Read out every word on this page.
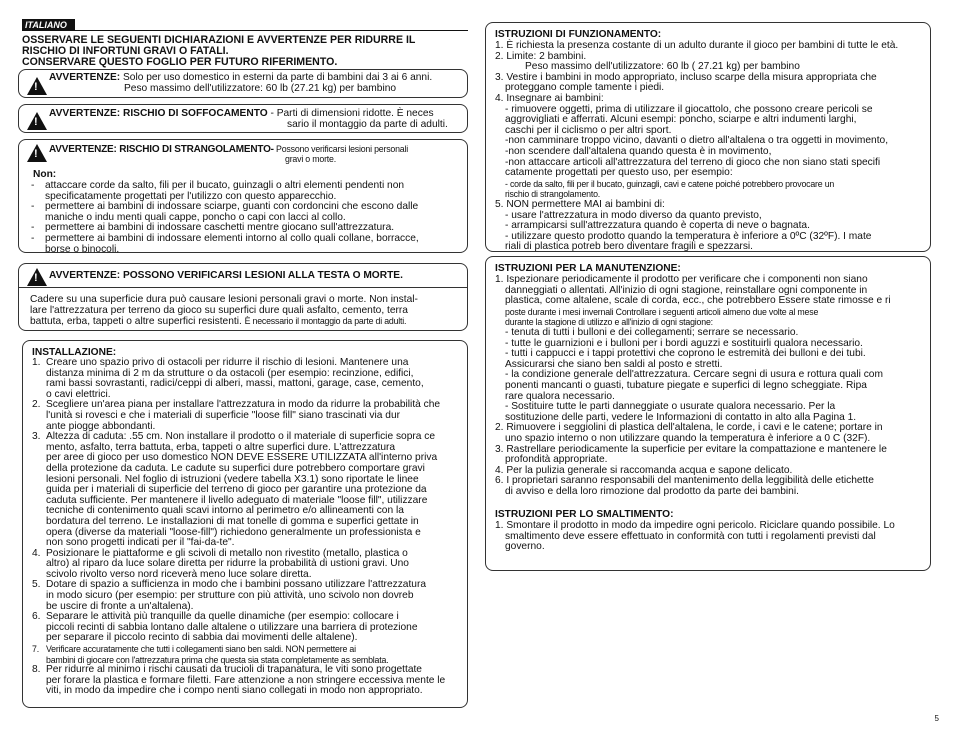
ITALIANO
OSSERVARE LE SEGUENTI DICHIARAZIONI E AVVERTENZE PER RIDURRE IL
RISCHIO DI INFORTUNI GRAVI O FATALI.
CONSERVARE QUESTO FOGLIO PER FUTURO RIFERIMENTO.
!
AVVERTENZE: Solo per uso domestico in esterni da parte di bambini dai 3 ai 6 anni.
Peso massimo dell'utilizzatore: 60 lb (27.21 kg) per bambino
!
AVVERTENZE: RISCHIO DI SOFFOCAMENTO - Parti di dimensioni ridotte. È neces
sario il montaggio da parte di adulti.
! AVVERTENZE: RISCHIO DI STRANGOLAMENTO- Possono verificarsi lesioni personali
gravi o morte.
Non:
- attaccare corde da salto, fili per il bucato, guinzagli o altri elementi pendenti non
specificatamente progettati per l'utilizzo con questo apparecchio.
- permettere ai bambini di indossare sciarpe, guanti con cordoncini che escono dalle
maniche o indu menti quali cappe, poncho o capi con lacci al collo.
- permettere ai bambini di indossare caschetti mentre giocano sull'attrezzatura.
- permettere ai bambini di indossare elementi intorno al collo quali collane, borracce,
borse o binocoli.
! AVVERTENZE: POSSONO VERIFICARSI LESIONI ALLA TESTA O MORTE.
Cadere su una superficie dura può causare lesioni personali gravi o morte. Non instal-
lare l'attrezzatura per terreno da gioco su superfici dure quali asfalto, cemento, terra
battuta, erba, tappeti o altre superfici resistenti. È necessario il montaggio da parte di adulti.
INSTALLAZIONE:
1. Creare uno spazio privo di ostacoli per ridurre il rischio di lesioni. Mantenere una
distanza minima di 2 m da strutture o da ostacoli (per esempio: recinzione, edifici,
rami bassi sovrastanti, radici/ceppi di alberi, massi, mattoni, garage, case, cemento,
o cavi elettrici.
2. Scegliere un'area piana per installare l'attrezzatura in modo da ridurre la probabilità che
l'unità si rovesci e che i materiali di superficie "loose fill" siano trascinati via dur
ante piogge abbondanti.
3. Altezza di caduta: .55 cm. Non installare il prodotto o il materiale di superficie sopra ce
mento, asfalto, terra battuta, erba, tappeti o altre superfici dure. L'attrezzatura
per aree di gioco per uso domestico NON DEVE ESSERE UTILIZZATA all'interno priva
della protezione da caduta. Le cadute su superfici dure potrebbero comportare gravi
lesioni personali. Nel foglio di istruzioni (vedere tabella X3.1) sono riportate le linee
guida per i materiali di superficie del terreno di gioco per garantire una protezione da
caduta sufficiente. Per mantenere il livello adeguato di materiale "loose fill", utilizzare
tecniche di contenimento quali scavi intorno al perimetro e/o allineamenti con la
bordatura del terreno. Le installazioni di mat tonelle di gomma e superfici gettate in
opera (diverse da materiali "loose-fill") richiedono generalmente un professionista e
non sono progetti indicati per il "fai-da-te".
4. Posizionare le piattaforme e gli scivoli di metallo non rivestito (metallo, plastica o
altro) al riparo da luce solare diretta per ridurre la probabilità di ustioni gravi. Uno
scivolo rivolto verso nord riceverà meno luce solare diretta.
5. Dotare di spazio a sufficienza in modo che i bambini possano utilizzare l'attrezzatura
in modo sicuro (per esempio: per strutture con più attività, uno scivolo non dovreb
be uscire di fronte a un'altalena).
6. Separare le attività più tranquille da quelle dinamiche (per esempio: collocare i
piccoli recinti di sabbia lontano dalle altalene o utilizzare una barriera di protezione
per separare il piccolo recinto di sabbia dai movimenti delle altalene).
7. Verificare accuratamente che tutti i collegamenti siano ben saldi. NON permettere ai
bambini di giocare con l'attrezzatura prima che questa sia stata completamente as semblata.
8. Per ridurre al minimo i rischi causati da trucioli di trapanatura, le viti sono progettate
per forare la plastica e formare filetti. Fare attenzione a non stringere eccessiva mente le
viti, in modo da impedire che i compo nenti siano collegati in modo non appropriato.
ISTRUZIONI DI FUNZIONAMENTO:
1. È richiesta la presenza costante di un adulto durante il gioco per bambini di tutte le età.
2. Limite: 2 bambini.
Peso massimo dell'utilizzatore: 60 lb ( 27.21 kg) per bambino
3. Vestire i bambini in modo appropriato, incluso scarpe della misura appropriata che
proteggano comple tamente i piedi.
4. Insegnare ai bambini:
- rimuovere oggetti, prima di utilizzare il giocattolo, che possono creare pericoli se
aggrovigliati e afferrati. Alcuni esempi: poncho, sciarpe e altri indumenti larghi,
caschi per il ciclismo o per altri sport.
-non camminare troppo vicino, davanti o dietro all'altalena o tra oggetti in movimento,
-non scendere dall'altalena quando questa è in movimento,
-non attaccare articoli all'attrezzatura del terreno di gioco che non siano stati specifi
catamente progettati per questo uso, per esempio:
- corde da salto, fili per il bucato, guinzagli, cavi e catene poiché potrebbero provocare un
rischio di strangolamento.
5. NON permettere MAI ai bambini di:
- usare l'attrezzatura in modo diverso da quanto previsto,
- arrampicarsi sull'attrezzatura quando è coperta di neve o bagnata.
- utilizzare questo prodotto quando la temperatura è inferiore a 0ºC (32ºF). I mate
riali di plastica potreb bero diventare fragili e spezzarsi.
ISTRUZIONI PER LA MANUTENZIONE:
1. Ispezionare periodicamente il prodotto per verificare che i componenti non siano
danneggiati o allentati. All'inizio di ogni stagione, reinstallare ogni componente in
plastica, come altalene, scale di corda, ecc., che potrebbero Essere state rimosse e ri
poste durante i mesi invernali Controllare i seguenti articoli almeno due volte al mese
durante la stagione di utilizzo e all'inizio di ogni stagione:
- tenuta di tutti i bulloni e dei collegamenti; serrare se necessario.
- tutte le guarnizioni e i bulloni per i bordi aguzzi e sostituirli qualora necessario.
- tutti i cappucci e i tappi protettivi che coprono le estremità dei bulloni e dei tubi.
Assicurarsi che siano ben saldi al posto e stretti.
- la condizione generale dell'attrezzatura. Cercare segni di usura e rottura quali com
ponenti mancanti o guasti, tubature piegate e superfici di legno scheggiate. Ripa
rare qualora necessario.
- Sostituire tutte le parti danneggiate o usurate qualora necessario. Per la
sostituzione delle parti, vedere le Informazioni di contatto in alto alla Pagina 1.
2. Rimuovere i seggiolini di plastica dell'altalena, le corde, i cavi e le catene; portare in
uno spazio interno o non utilizzare quando la temperatura è inferiore a 0 C (32F).
3. Rastrellare periodicamente la superficie per evitare la compattazione e mantenere le
profondità appropriate.
4. Per la pulizia generale si raccomanda acqua e sapone delicato.
6. I proprietari saranno responsabili del mantenimento della leggibilità delle etichette
di avviso e della loro rimozione dal prodotto da parte dei bambini.
ISTRUZIONI PER LO SMALTIMENTO:
1. Smontare il prodotto in modo da impedire ogni pericolo. Riciclare quando possibile. Lo
smaltimento deve essere effettuato in conformità con tutti i regolamenti previsti dal
governo.
5
